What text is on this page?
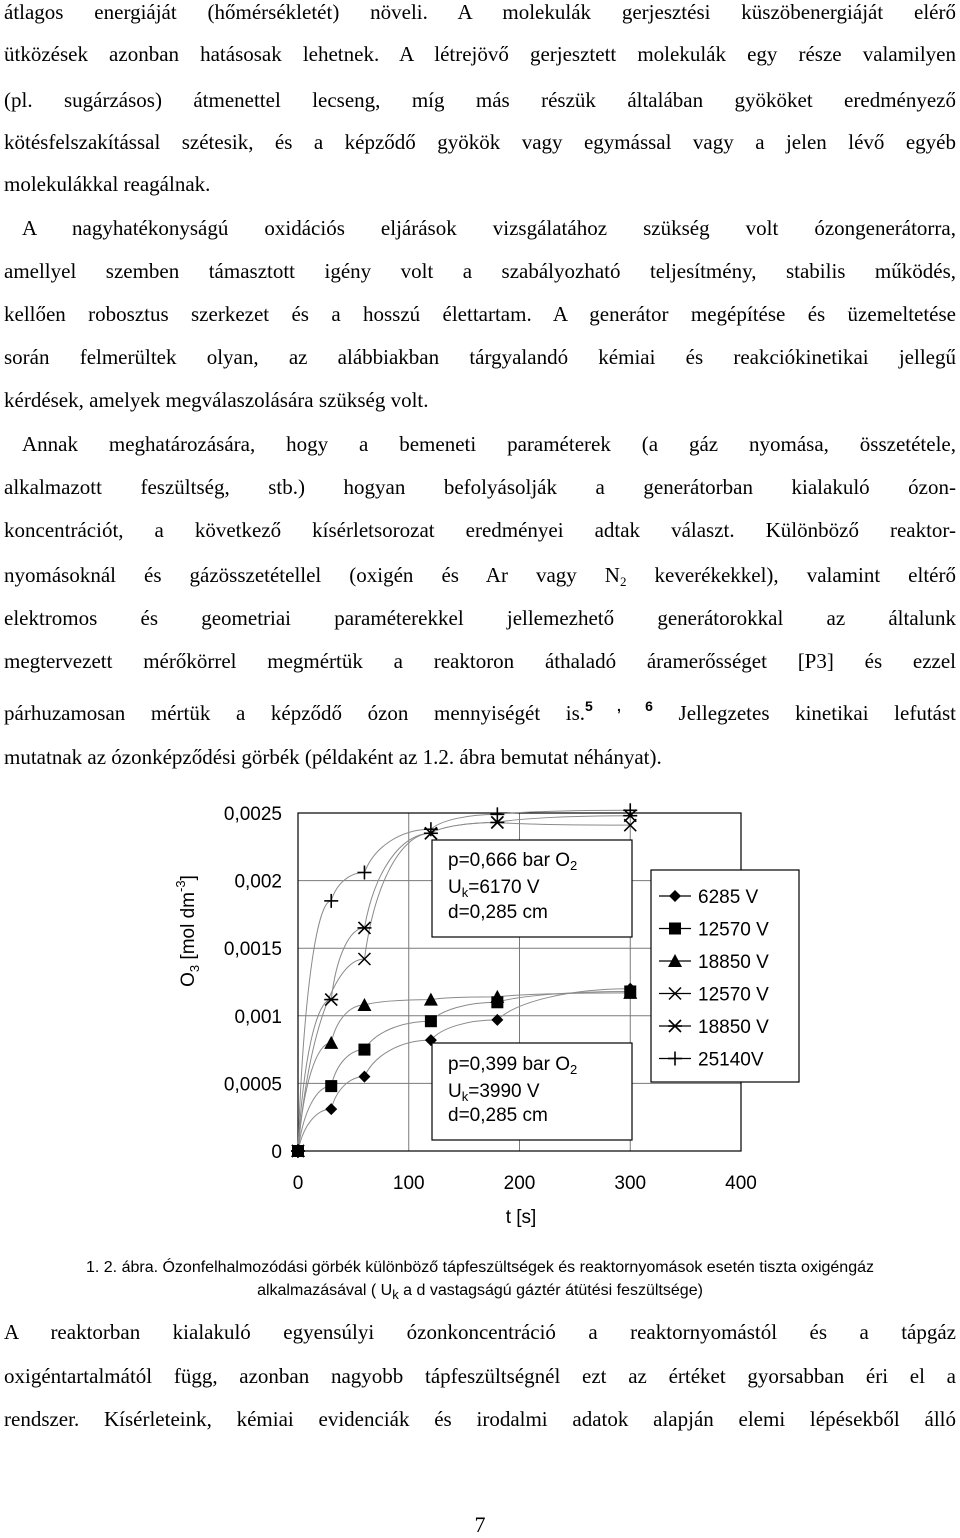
átlagos energiáját (hőmérsékletét) növeli. A molekulák gerjesztési küszöbenergiáját elérő
ütközések azonban hatásosak lehetnek. A létrejövő gerjesztett molekulák egy része valamilyen
(pl. sugárzásos) átmenettel lecseng, míg más részük általában gyököket eredményező
kötésfelszakítással szétesik, és a képződő gyökök vagy egymással vagy a jelen lévő egyéb
molekulákkal reagálnak.
A nagyhatékonyságú oxidációs eljárások vizsgálatához szükség volt ózongenerátorra,
amellyel szemben támasztott igény volt a szabályozható teljesítmény, stabilis működés,
kellően robosztus szerkezet és a hosszú élettartam. A generátor megépítése és üzemeltetése
során felmerültek olyan, az alábbiakban tárgyalandó kémiai és reakciókinetikai jellegű
kérdések, amelyek megválaszolására szükség volt.
Annak meghatározására, hogy a bemeneti paraméterek (a gáz nyomása, összetétele,
alkalmazott feszültség, stb.) hogyan befolyásolják a generátorban kialakuló ózon-
koncentrációt, a következő kísérletsorozat eredményei adtak választ. Különböző reaktor-
nyomásoknál és gázösszetétellel (oxigén és Ar vagy $N_2$ keverékekkel), valamint eltérő
elektromos és geometriai paraméterekkel jellemezhető generátorokkal az általunk
megtervezett mérőkörrel megmértük a reaktoron áthaladó áramerősséget [P3] és ezzel
párhuzamosan mértük a képződő ózon mennyiségét is.$^{5 , 6}$ Jellegzetes kinetikai lefutást
mutatnak az ózonképződési görbék (példaként az 1.2. ábra bemutat néhányat).
0	100	200	300	400
0
0,0005
0,001
0,0015
0,002
0,0025
$O_3$ [mol $dm^{-3}$]
t [s]
p=0,666 bar $O_2$
$U_k=6170$ V
d=0,285 cm
p=0,399 bar $O_2$
$U_k=3990$ V
d=0,285 cm
6285 V
12570 V
18850 V
12570 V
18850 V
25140V
1. 2. ábra. Ózonfelhalmozódási görbék különböző tápfeszültségek és reaktornyomások esetén tiszta oxigéngáz
alkalmazásával ( $U_k$ a d vastagságú gáztér átütési feszültsége)
A reaktorban kialakuló egyensúlyi ózonkoncentráció a reaktornyomástól és a tápgáz
oxigéntartalmától függ, azonban nagyobb tápfeszültségnél ezt az értéket gyorsabban éri el a
rendszer. Kísérleteink, kémiai evidenciák és irodalmi adatok alapján elemi lépésekből álló
7
